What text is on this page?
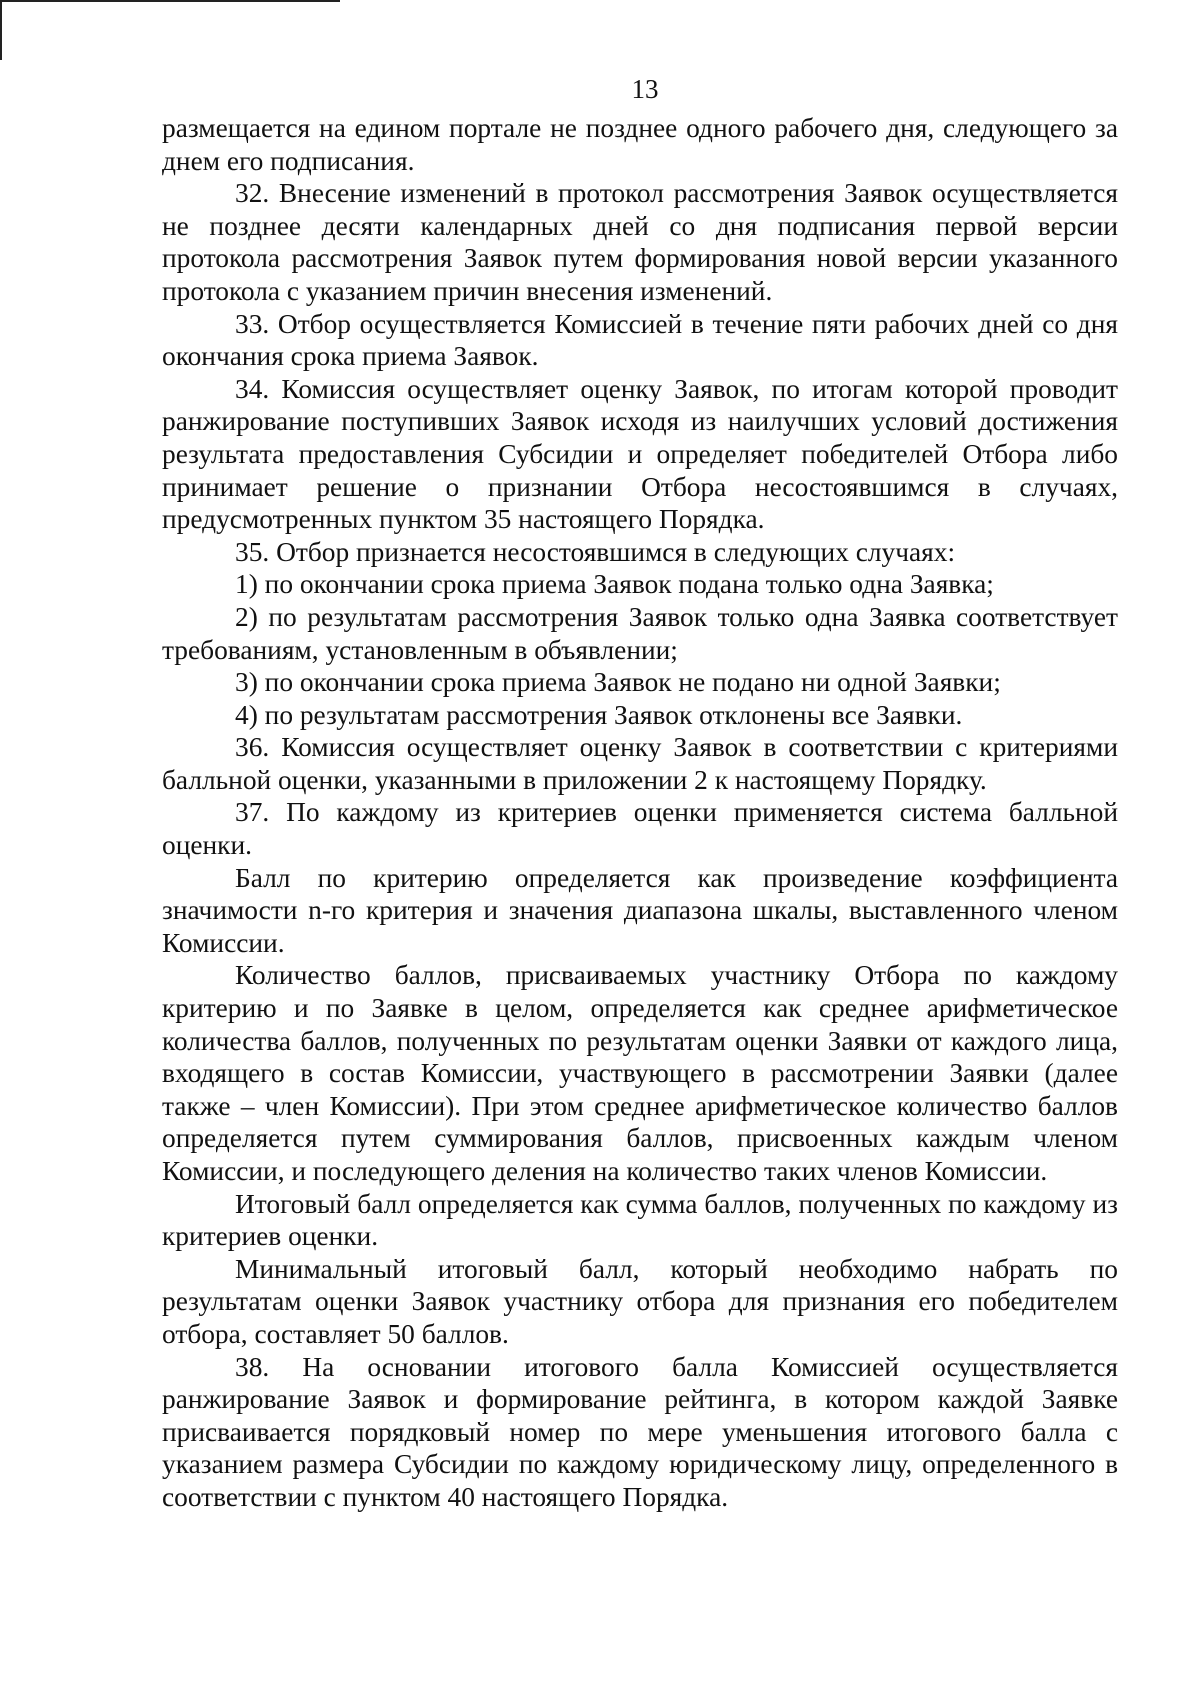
13

размещается на едином портале не позднее одного рабочего дня, следующего за днем его подписания.

32. Внесение изменений в протокол рассмотрения Заявок осуществляется не позднее десяти календарных дней со дня подписания первой версии протокола рассмотрения Заявок путем формирования новой версии указанного протокола с указанием причин внесения изменений.

33. Отбор осуществляется Комиссией в течение пяти рабочих дней со дня окончания срока приема Заявок.

34. Комиссия осуществляет оценку Заявок, по итогам которой проводит ранжирование поступивших Заявок исходя из наилучших условий достижения результата предоставления Субсидии и определяет победителей Отбора либо принимает решение о признании Отбора несостоявшимся в случаях, предусмотренных пунктом 35 настоящего Порядка.

35. Отбор признается несостоявшимся в следующих случаях:

1) по окончании срока приема Заявок подана только одна Заявка;

2) по результатам рассмотрения Заявок только одна Заявка соответствует требованиям, установленным в объявлении;

3) по окончании срока приема Заявок не подано ни одной Заявки;

4) по результатам рассмотрения Заявок отклонены все Заявки.

36. Комиссия осуществляет оценку Заявок в соответствии с критериями балльной оценки, указанными в приложении 2 к настоящему Порядку.

37. По каждому из критериев оценки применяется система балльной оценки.

Балл по критерию определяется как произведение коэффициента значимости n-го критерия и значения диапазона шкалы, выставленного членом Комиссии.

Количество баллов, присваиваемых участнику Отбора по каждому критерию и по Заявке в целом, определяется как среднее арифметическое количества баллов, полученных по результатам оценки Заявки от каждого лица, входящего в состав Комиссии, участвующего в рассмотрении Заявки (далее также – член Комиссии). При этом среднее арифметическое количество баллов определяется путем суммирования баллов, присвоенных каждым членом Комиссии, и последующего деления на количество таких членов Комиссии.

Итоговый балл определяется как сумма баллов, полученных по каждому из критериев оценки.

Минимальный итоговый балл, который необходимо набрать по результатам оценки Заявок участнику отбора для признания его победителем отбора, составляет 50 баллов.

38. На основании итогового балла Комиссией осуществляется ранжирование Заявок и формирование рейтинга, в котором каждой Заявке присваивается порядковый номер по мере уменьшения итогового балла с указанием размера Субсидии по каждому юридическому лицу, определенного в соответствии с пунктом 40 настоящего Порядка.
